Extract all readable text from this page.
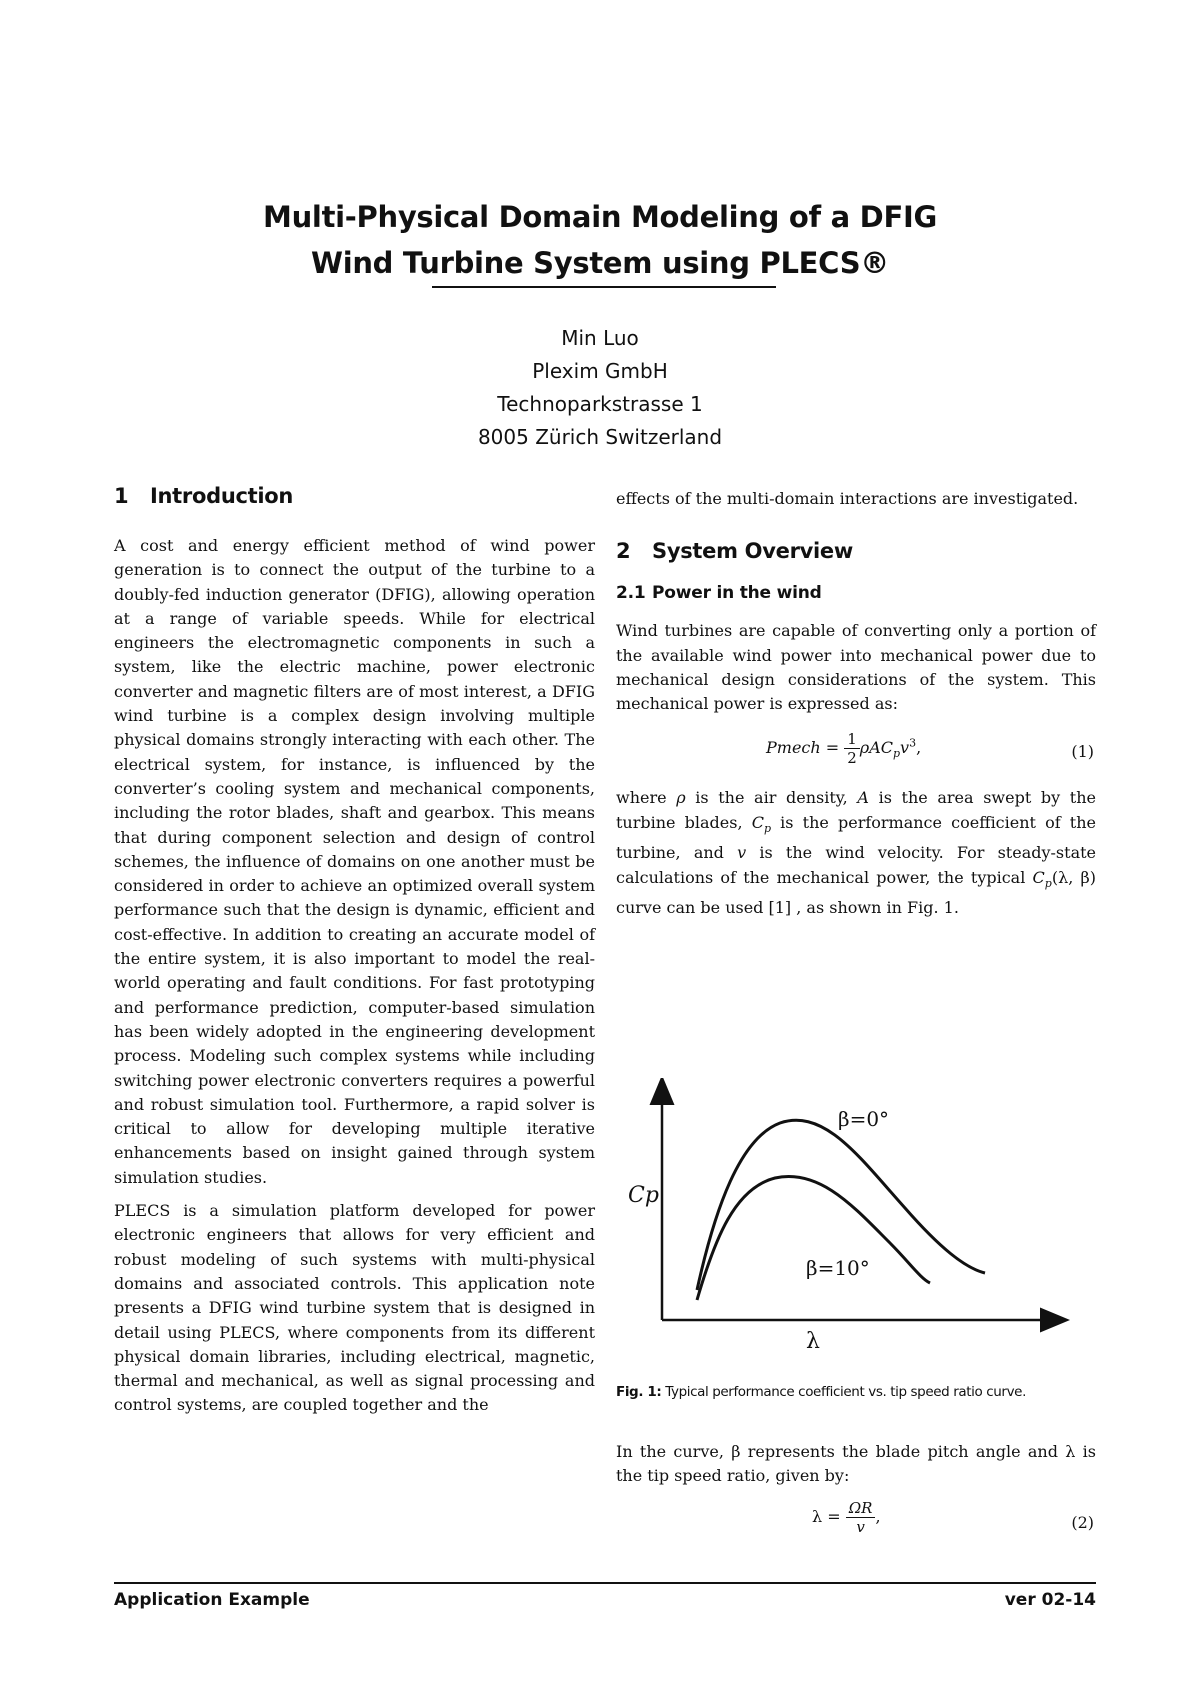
Multi-Physical Domain Modeling of a DFIG
Wind Turbine System using PLECS®
Min Luo
Plexim GmbH
Technoparkstrasse 1
8005 Zürich Switzerland
1 Introduction

A cost and energy efficient method of wind power generation is to connect the output of the turbine to a doubly-fed induction generator (DFIG), allowing operation at a range of variable speeds. While for electrical engineers the electromagnetic components in such a system, like the electric machine, power electronic converter and magnetic filters are of most interest, a DFIG wind turbine is a complex design involving multiple physical domains strongly interacting with each other. The electrical system, for instance, is influenced by the converter’s cooling system and mechanical components, including the rotor blades, shaft and gearbox. This means that during component selection and design of control schemes, the influence of domains on one another must be considered in order to achieve an optimized overall system performance such that the design is dynamic, efficient and cost-effective. In addition to creating an accurate model of the entire system, it is also important to model the real-world operating and fault conditions. For fast prototyping and performance prediction, computer-based simulation has been widely adopted in the engineering development process. Modeling such complex systems while including switching power electronic converters requires a powerful and robust simulation tool. Furthermore, a rapid solver is critical to allow for developing multiple iterative enhancements based on insight gained through system simulation studies.

PLECS is a simulation platform developed for power electronic engineers that allows for very efficient and robust modeling of such systems with multi-physical domains and associated controls. This application note presents a DFIG wind turbine system that is designed in detail using PLECS, where components from its different physical domain libraries, including electrical, magnetic, thermal and mechanical, as well as signal processing and control systems, are coupled together and the

effects of the multi-domain interactions are investigated.

2 System Overview
2.1 Power in the wind

Wind turbines are capable of converting only a portion of the available wind power into mechanical power due to mechanical design considerations of the system. This mechanical power is expressed as:

Pmech = $\frac{1}{2} \rho AC_pv^3$,	(1)

where ρ is the air density, A is the area swept by the turbine blades, $C_p$ is the performance coefficient of the turbine, and v is the wind velocity. For steady-state calculations of the mechanical power, the typical $C_p(\lambda$, β) curve can be used [1] , as shown in Fig. 1.

Cp
λ
β=0°
β=10°
Fig. 1: Typical performance coefficient vs. tip speed ratio curve.

In the curve, β represents the blade pitch angle and λ is the tip speed ratio, given by:

$\lambda = \frac{\Omega R}{v}$ ,	(2)
Application Example	ver 02-14
